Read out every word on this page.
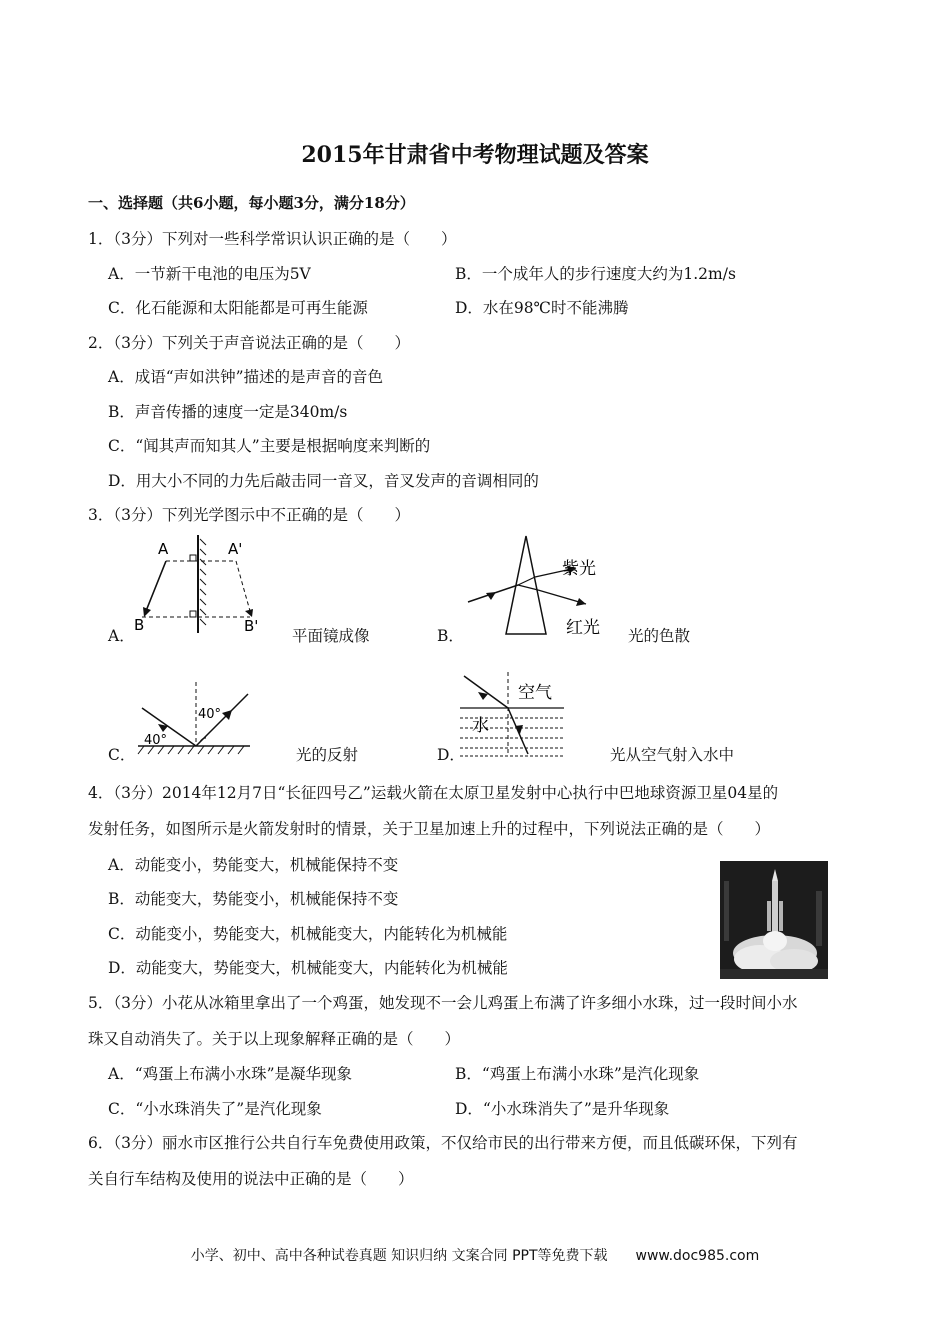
2015年甘肃省中考物理试题及答案
一、选择题（共6小题，每小题3分，满分18分）
1．（3分）下列对一些科学常识认识正确的是（　　）
A．一节新干电池的电压为5V	B．一个成年人的步行速度大约为1.2m/s
C．化石能源和太阳能都是可再生能源	D．水在98℃时不能沸腾
2．（3分）下列关于声音说法正确的是（　　）
A．成语“声如洪钟”描述的是声音的音色
B．声音传播的速度一定是340m/s
C．“闻其声而知其人”主要是根据响度来判断的
D．用大小不同的力先后敲击同一音叉，音叉发声的音调相同的
3．（3分）下列光学图示中不正确的是（　　）
A．
A	A'
B	B'
平面镜成像	B．
紫光
红光 光的色散
C．
40°
40°
光的反射	D．
空气
水
光从空气射入水中
4．（3分）2014年12月7日“长征四号乙”运载火箭在太原卫星发射中心执行中巴地球资源卫星04星的
发射任务，如图所示是火箭发射时的情景，关于卫星加速上升的过程中，下列说法正确的是（　　）
A．动能变小，势能变大，机械能保持不变
B．动能变大，势能变小，机械能保持不变
C．动能变小，势能变大，机械能变大，内能转化为机械能
D．动能变大，势能变大，机械能变大，内能转化为机械能
5．（3分）小花从冰箱里拿出了一个鸡蛋，她发现不一会儿鸡蛋上布满了许多细小水珠，过一段时间小水
珠又自动消失了。关于以上现象解释正确的是（　　）
A．“鸡蛋上布满小水珠”是凝华现象	B．“鸡蛋上布满小水珠”是汽化现象
C．“小水珠消失了”是汽化现象	D．“小水珠消失了”是升华现象
6．（3分）丽水市区推行公共自行车免费使用政策，不仅给市民的出行带来方便，而且低碳环保，下列有
关自行车结构及使用的说法中正确的是（　　）
小学、初中、高中各种试卷真题 知识归纳 文案合同 PPT等免费下载　　www.doc985.com
